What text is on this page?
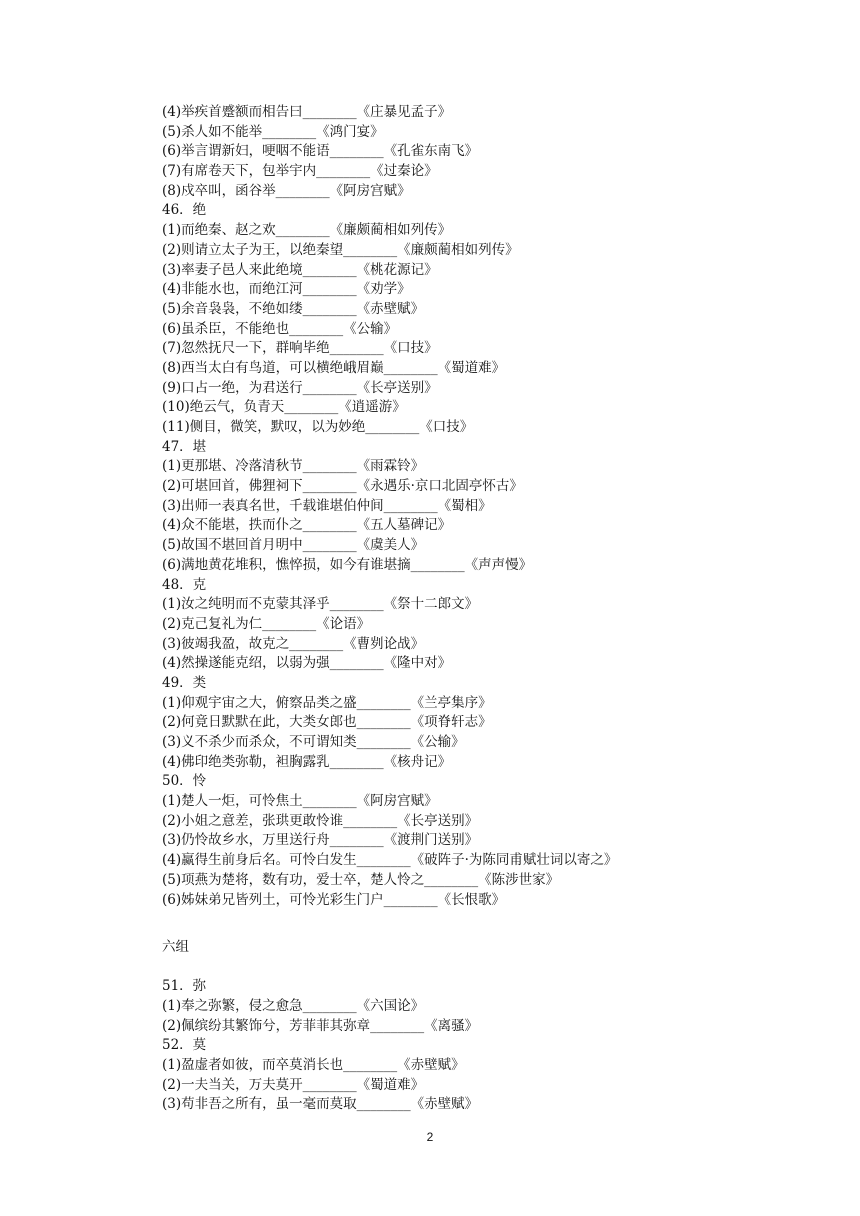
(4)举疾首蹙额而相告曰________《庄暴见孟子》
(5)杀人如不能举________《鸿门宴》
(6)举言谓新妇，哽咽不能语________《孔雀东南飞》
(7)有席卷天下，包举宇内________《过秦论》
(8)戍卒叫，函谷举________《阿房宫赋》
46．绝
(1)而绝秦、赵之欢________《廉颇蔺相如列传》
(2)则请立太子为王，以绝秦望________《廉颇蔺相如列传》
(3)率妻子邑人来此绝境________《桃花源记》
(4)非能水也，而绝江河________《劝学》
(5)余音袅袅，不绝如缕________《赤壁赋》
(6)虽杀臣，不能绝也________《公输》
(7)忽然抚尺一下，群响毕绝________《口技》
(8)西当太白有鸟道，可以横绝峨眉巅________《蜀道难》
(9)口占一绝，为君送行________《长亭送别》
(10)绝云气，负青天________《逍遥游》
(11)侧目，微笑，默叹，以为妙绝________《口技》
47．堪
(1)更那堪、冷落清秋节________《雨霖铃》
(2)可堪回首，佛狸祠下________《永遇乐·京口北固亭怀古》
(3)出师一表真名世，千载谁堪伯仲间________《蜀相》
(4)众不能堪，抶而仆之________《五人墓碑记》
(5)故国不堪回首月明中________《虞美人》
(6)满地黄花堆积，憔悴损，如今有谁堪摘________《声声慢》
48．克
(1)汝之纯明而不克蒙其泽乎________《祭十二郎文》
(2)克己复礼为仁________《论语》
(3)彼竭我盈，故克之________《曹刿论战》
(4)然操遂能克绍，以弱为强________《隆中对》
49．类
(1)仰观宇宙之大，俯察品类之盛________《兰亭集序》
(2)何竟日默默在此，大类女郎也________《项脊轩志》
(3)义不杀少而杀众，不可谓知类________《公输》
(4)佛印绝类弥勒，袒胸露乳________《核舟记》
50．怜
(1)楚人一炬，可怜焦土________《阿房宫赋》
(2)小姐之意差，张珙更敢怜谁________《长亭送别》
(3)仍怜故乡水，万里送行舟________《渡荆门送别》
(4)赢得生前身后名。可怜白发生________《破阵子·为陈同甫赋壮词以寄之》
(5)项燕为楚将，数有功，爱士卒，楚人怜之________《陈涉世家》
(6)姊妹弟兄皆列土，可怜光彩生门户________《长恨歌》
六组
51．弥
(1)奉之弥繁，侵之愈急________《六国论》
(2)佩缤纷其繁饰兮，芳菲菲其弥章________《离骚》
52．莫
(1)盈虚者如彼，而卒莫消长也________《赤壁赋》
(2)一夫当关，万夫莫开________《蜀道难》
(3)苟非吾之所有，虽一毫而莫取________《赤壁赋》
2
